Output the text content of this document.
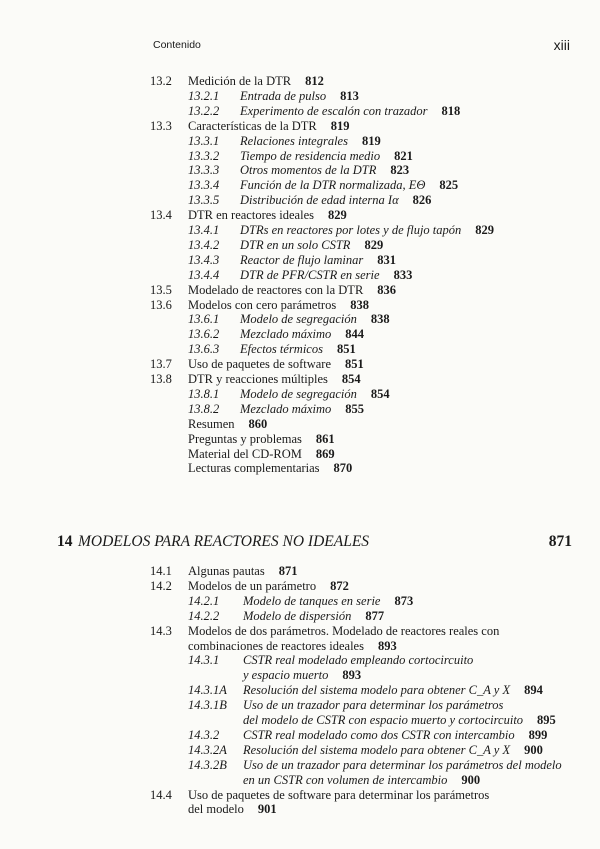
Contenido	xiii
13.2 Medición de la DTR 812
13.2.1 Entrada de pulso 813
13.2.2 Experimento de escalón con trazador 818
13.3 Características de la DTR 819
13.3.1 Relaciones integrales 819
13.3.2 Tiempo de residencia medio 821
13.3.3 Otros momentos de la DTR 823
13.3.4 Función de la DTR normalizada, EΘ 825
13.3.5 Distribución de edad interna Iα 826
13.4 DTR en reactores ideales 829
13.4.1 DTRs en reactores por lotes y de flujo tapón 829
13.4.2 DTR en un solo CSTR 829
13.4.3 Reactor de flujo laminar 831
13.4.4 DTR de PFR/CSTR en serie 833
13.5 Modelado de reactores con la DTR 836
13.6 Modelos con cero parámetros 838
13.6.1 Modelo de segregación 838
13.6.2 Mezclado máximo 844
13.6.3 Efectos térmicos 851
13.7 Uso de paquetes de software 851
13.8 DTR y reacciones múltiples 854
13.8.1 Modelo de segregación 854
13.8.2 Mezclado máximo 855
Resumen 860
Preguntas y problemas 861
Material del CD-ROM 869
Lecturas complementarias 870
14 MODELOS PARA REACTORES NO IDEALES	871
14.1 Algunas pautas 871
14.2 Modelos de un parámetro 872
14.2.1 Modelo de tanques en serie 873
14.2.2 Modelo de dispersión 877
14.3 Modelos de dos parámetros. Modelado de reactores reales con
combinaciones de reactores ideales 893
14.3.1 CSTR real modelado empleando cortocircuito
y espacio muerto 893
14.3.1A Resolución del sistema modelo para obtener C_A y X 894
14.3.1B Uso de un trazador para determinar los parámetros
del modelo de CSTR con espacio muerto y cortocircuito 895
14.3.2 CSTR real modelado como dos CSTR con intercambio 899
14.3.2A Resolución del sistema modelo para obtener C_A y X 900
14.3.2B Uso de un trazador para determinar los parámetros del modelo
en un CSTR con volumen de intercambio 900
14.4 Uso de paquetes de software para determinar los parámetros
del modelo 901
